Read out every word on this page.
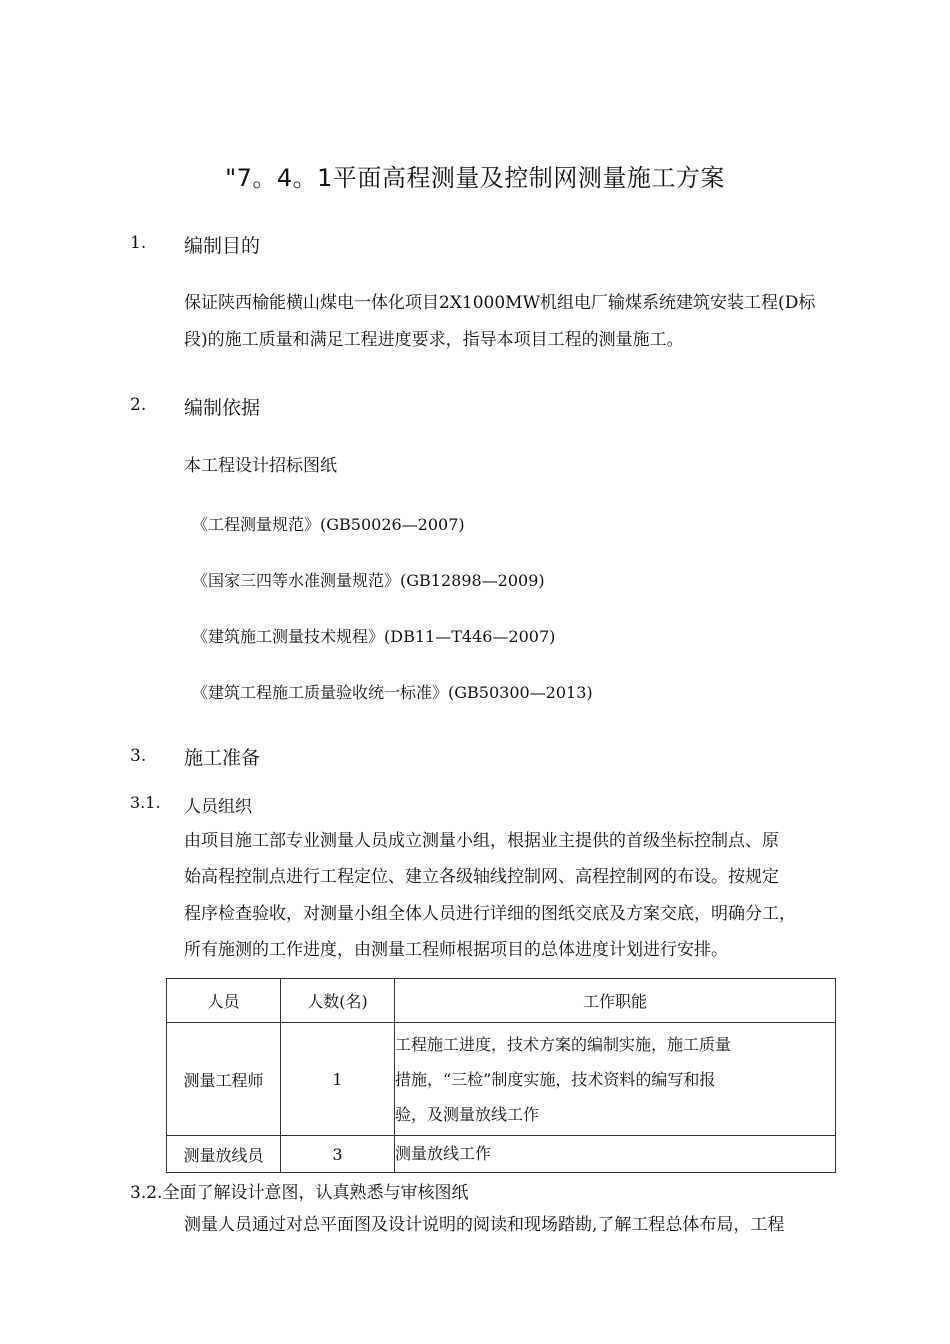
"7。4。1平面高程测量及控制网测量施工方案
1. 编制目的
保证陕西榆能横山煤电一体化项目2X1000MW机组电厂输煤系统建筑安装工程(D标
段)的施工质量和满足工程进度要求，指导本项目工程的测量施工。
2. 编制依据
本工程设计招标图纸
《工程测量规范》(GB50026—2007)
《国家三四等水准测量规范》(GB12898—2009)
《建筑施工测量技术规程》(DB11—T446—2007)
《建筑工程施工质量验收统一标准》(GB50300—2013)
3. 施工准备
3.1. 人员组织
由项目施工部专业测量人员成立测量小组，根据业主提供的首级坐标控制点、原
始高程控制点进行工程定位、建立各级轴线控制网、高程控制网的布设。按规定
程序检查验收，对测量小组全体人员进行详细的图纸交底及方案交底，明确分工，
所有施测的工作进度，由测量工程师根据项目的总体进度计划进行安排。
人员	人数(名)	工作职能
测量工程师	1	工程施工进度，技术方案的编制实施，施工质量
措施，“三检”制度实施，技术资料的编写和报
验，及测量放线工作

测量放线员	3	测量放线工作
3.2.全面了解设计意图，认真熟悉与审核图纸
测量人员通过对总平面图及设计说明的阅读和现场踏勘,了解工程总体布局，工程
